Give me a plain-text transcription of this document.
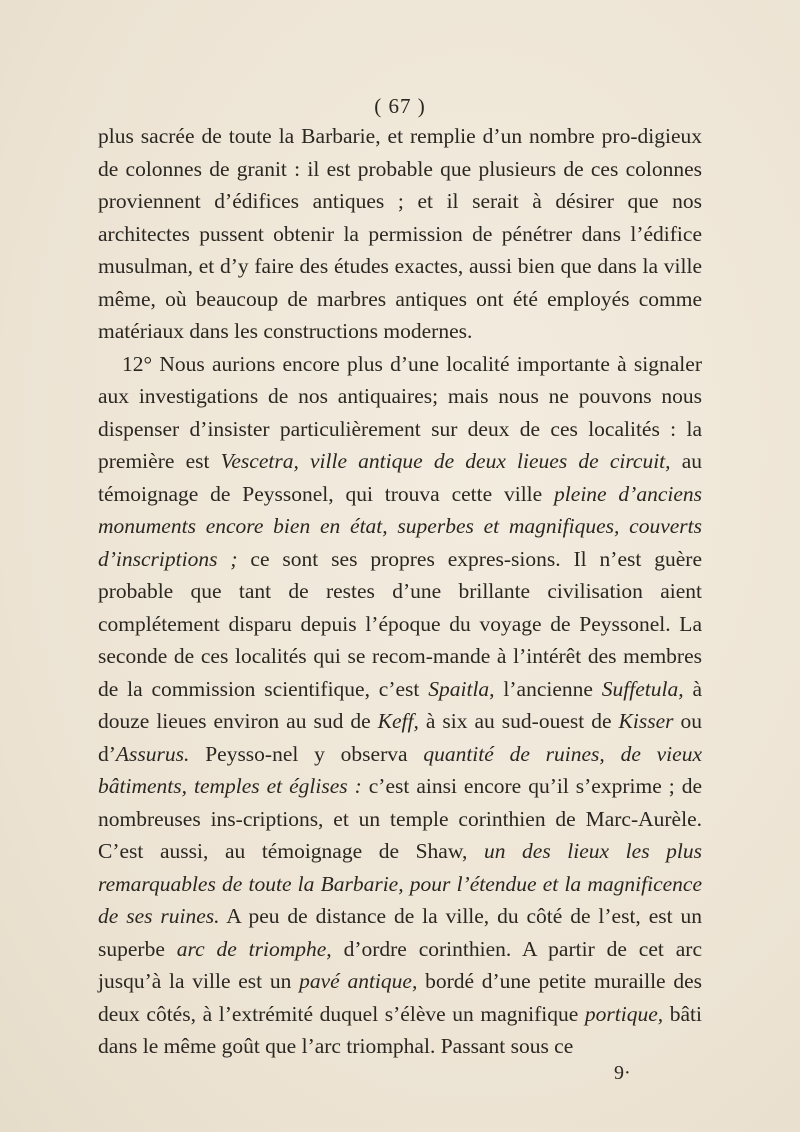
( 67 )

plus sacrée de toute la Barbarie, et remplie d’un nombre pro-digieux de colonnes de granit : il est probable que plusieurs de ces colonnes proviennent d’édifices antiques ; et il serait à désirer que nos architectes pussent obtenir la permission de pénétrer dans l’édifice musulman, et d’y faire des études exactes, aussi bien que dans la ville même, où beaucoup de marbres antiques ont été employés comme matériaux dans les constructions modernes.

12° Nous aurions encore plus d’une localité importante à signaler aux investigations de nos antiquaires; mais nous ne pouvons nous dispenser d’insister particulièrement sur deux de ces localités : la première est Vescetra, ville antique de deux lieues de circuit, au témoignage de Peyssonel, qui trouva cette ville pleine d’anciens monuments encore bien en état, superbes et magnifiques, couverts d’inscriptions ; ce sont ses propres expres-sions. Il n’est guère probable que tant de restes d’une brillante civilisation aient complétement disparu depuis l’époque du voyage de Peyssonel. La seconde de ces localités qui se recom-mande à l’intérêt des membres de la commission scientifique, c’est Spaitla, l’ancienne Suffetula, à douze lieues environ au sud de Keff, à six au sud-ouest de Kisser ou d’Assurus. Peysso-nel y observa quantité de ruines, de vieux bâtiments, temples et églises : c’est ainsi encore qu’il s’exprime ; de nombreuses ins-criptions, et un temple corinthien de Marc-Aurèle. C’est aussi, au témoignage de Shaw, un des lieux les plus remarquables de toute la Barbarie, pour l’étendue et la magnificence de ses ruines. A peu de distance de la ville, du côté de l’est, est un superbe arc de triomphe, d’ordre corinthien. A partir de cet arc jusqu’à la ville est un pavé antique, bordé d’une petite muraille des deux côtés, à l’extrémité duquel s’élève un magnifique portique, bâti dans le même goût que l’arc triomphal. Passant sous ce

9·
